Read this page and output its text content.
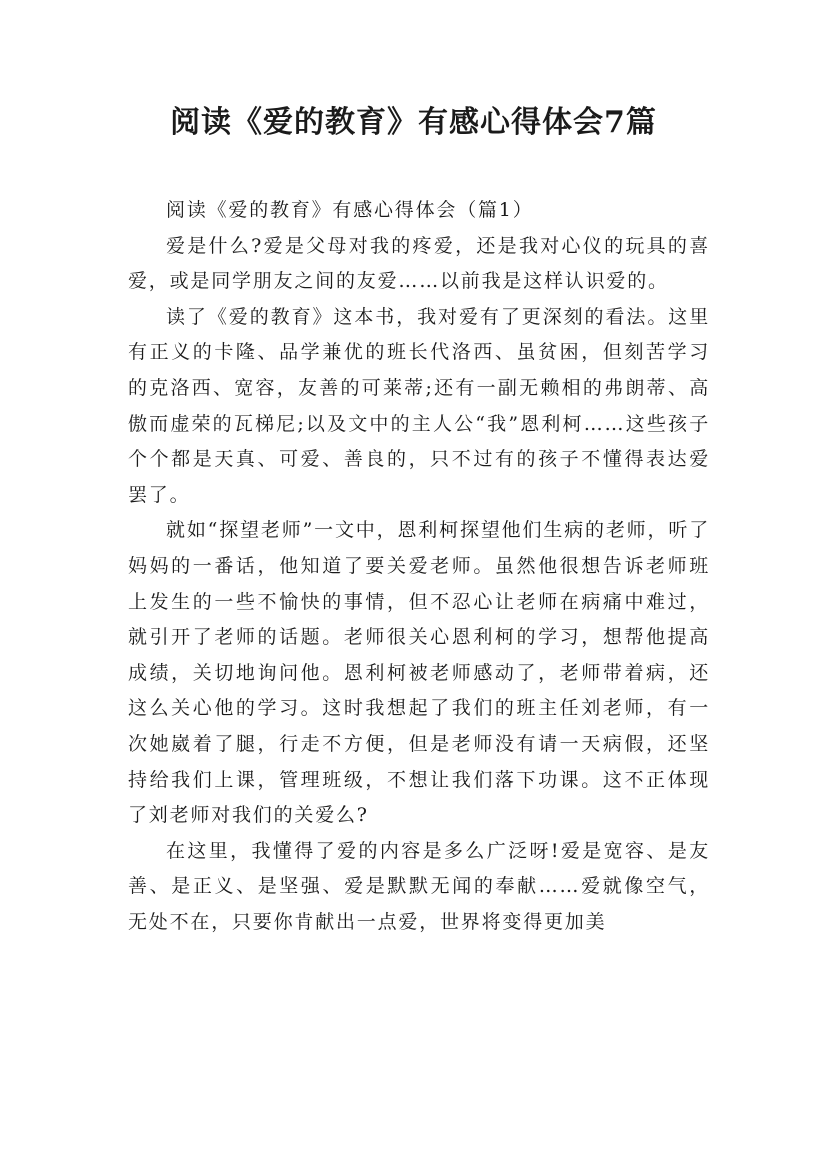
阅读《爱的教育》有感心得体会7篇

阅读《爱的教育》有感心得体会（篇1）

爱是什么?爱是父母对我的疼爱，还是我对心仪的玩具的喜爱，或是同学朋友之间的友爱……以前我是这样认识爱的。

读了《爱的教育》这本书，我对爱有了更深刻的看法。这里有正义的卡隆、品学兼优的班长代洛西、虽贫困，但刻苦学习的克洛西、宽容，友善的可莱蒂;还有一副无赖相的弗朗蒂、高傲而虚荣的瓦梯尼;以及文中的主人公“我”恩利柯……这些孩子个个都是天真、可爱、善良的，只不过有的孩子不懂得表达爱罢了。

就如“探望老师”一文中，恩利柯探望他们生病的老师，听了妈妈的一番话，他知道了要关爱老师。虽然他很想告诉老师班上发生的一些不愉快的事情，但不忍心让老师在病痛中难过，就引开了老师的话题。老师很关心恩利柯的学习，想帮他提高成绩，关切地询问他。恩利柯被老师感动了，老师带着病，还这么关心他的学习。这时我想起了我们的班主任刘老师，有一次她崴着了腿，行走不方便，但是老师没有请一天病假，还坚持给我们上课，管理班级，不想让我们落下功课。这不正体现了刘老师对我们的关爱么?

在这里，我懂得了爱的内容是多么广泛呀!爱是宽容、是友善、是正义、是坚强、爱是默默无闻的奉献……爱就像空气，无处不在，只要你肯献出一点爱，世界将变得更加美
